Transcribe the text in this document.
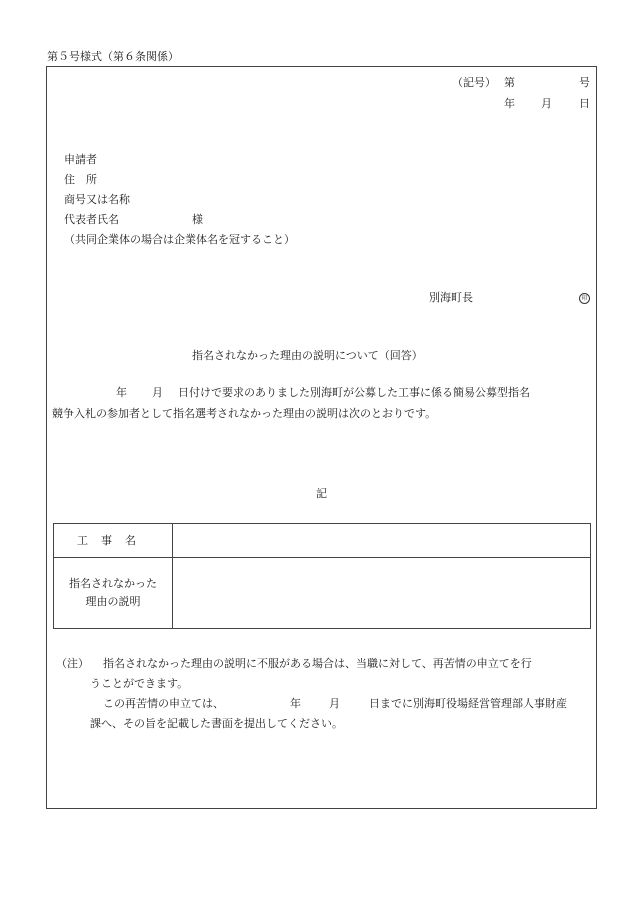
第５号様式（第６条関係）
（記号） 第	号
年 月 日
申請者
住　所
商号又は名称
代表者氏名	様
（共同企業体の場合は企業体名を冠すること）
別海町長	印
指名されなかった理由の説明について（回答）
年 月 日付けで要求のありました別海町が公募した工事に係る簡易公募型指名
競争入札の参加者として指名選考されなかった理由の説明は次のとおりです。
記
工事名	

指名されなかった
理由の説明	

（注） 指名されなかった理由の説明に不服がある場合は、当職に対して、再苦情の申立てを行
うことができます。
この再苦情の申立ては、	年	月	日までに別海町役場経営管理部人事財産
課へ、その旨を記載した書面を提出してください。
